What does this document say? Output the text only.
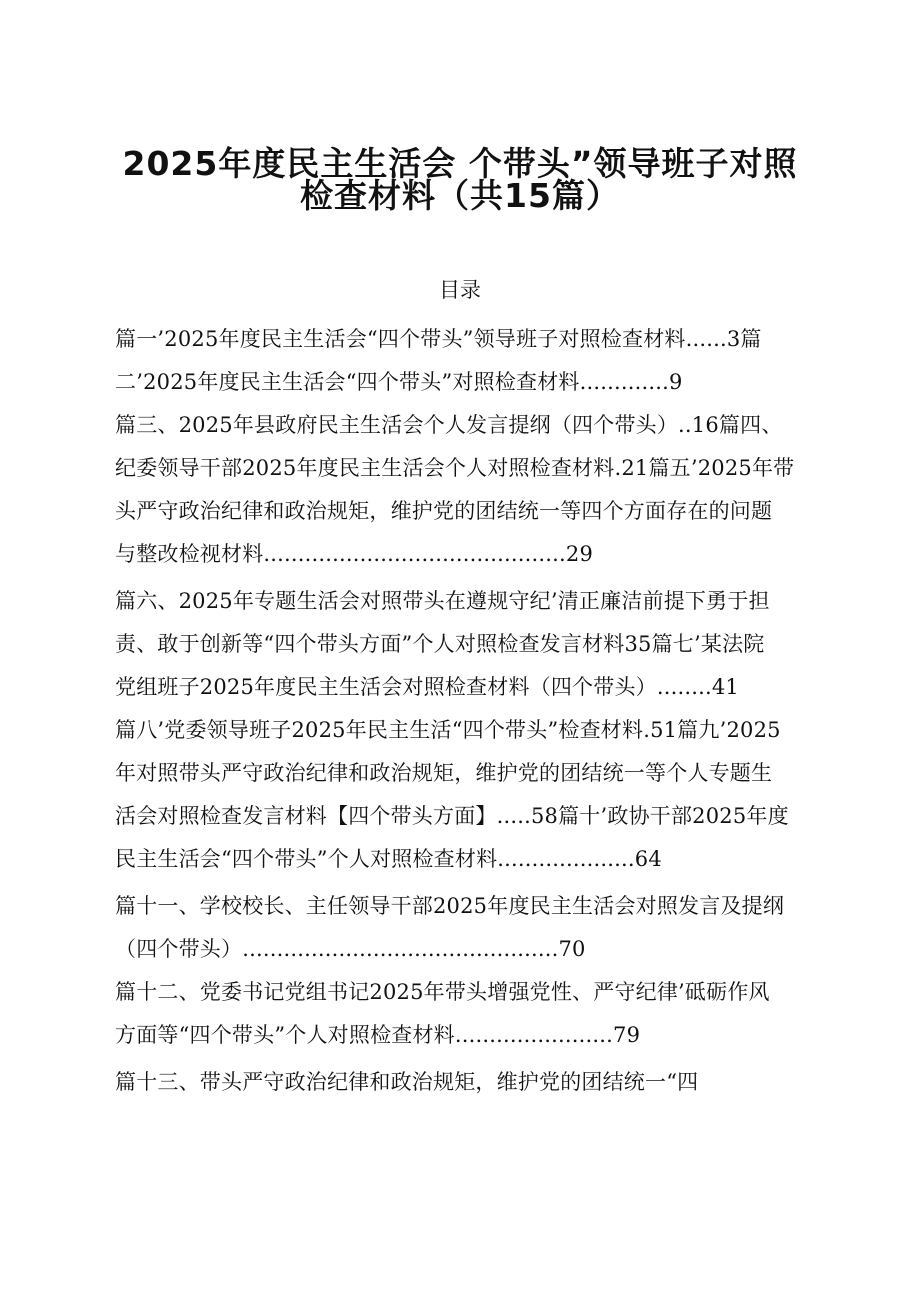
2025年度民主生活会 个带头”领导班子对照
检查材料（共15篇）
目录
篇一’2025年度民主生活会“四个带头”领导班子对照检查材料......3篇
二’2025年度民主生活会“四个带头”对照检查材料.............9
篇三、2025年县政府民主生活会个人发言提纲（四个带头）..16篇四、
纪委领导干部2025年度民主生活会个人对照检查材料.21篇五’2025年带
头严守政治纪律和政治规矩，维护党的团结统一等四个方面存在的问题
与整改检视材料............................................29
篇六、2025年专题生活会对照带头在遵规守纪’清正廉洁前提下勇于担
责、敢于创新等“四个带头方面”个人对照检查发言材料35篇七’某法院
党组班子2025年度民主生活会对照检查材料（四个带头）........41
篇八’党委领导班子2025年民主生活“四个带头”检查材料.51篇九’2025
年对照带头严守政治纪律和政治规矩，维护党的团结统一等个人专题生
活会对照检查发言材料【四个带头方面】.....58篇十’政协干部2025年度
民主生活会“四个带头”个人对照检查材料....................64
篇十一、学校校长、主任领导干部2025年度民主生活会对照发言及提纲
（四个带头）..............................................70
篇十二、党委书记党组书记2025年带头增强党性、严守纪律’砥砺作风
方面等“四个带头”个人对照检查材料.......................79
篇十三、带头严守政治纪律和政治规矩，维护党的团结统一“四
